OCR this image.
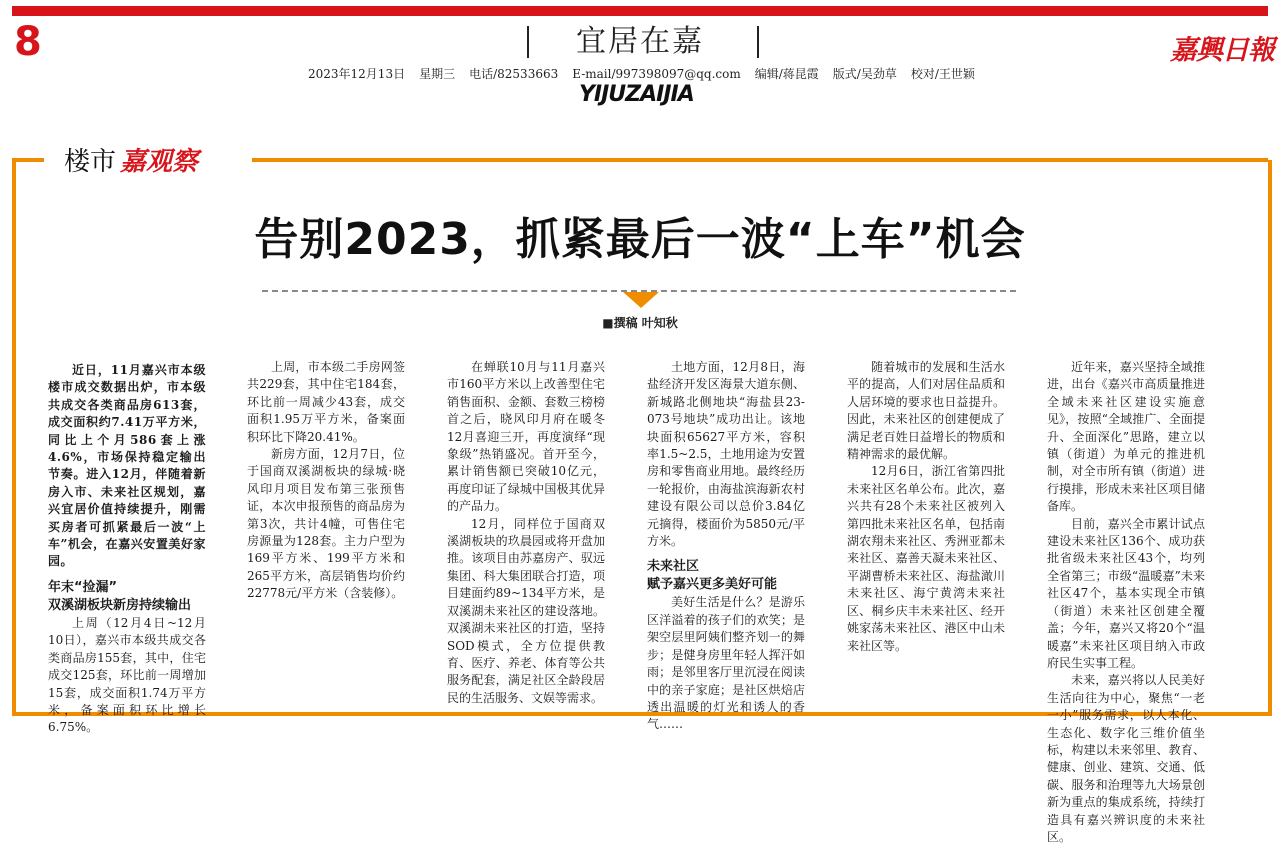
8	宜居在嘉
YIJUZAIJIA
2023年12月13日 星期三 电话/82533663 E-mail/997398097@qq.com 编辑/蒋昆霞 版式/吴劲草 校对/王世颖
嘉興日報
楼市 嘉观察
告别2023，抓紧最后一波“上车”机会
■撰稿 叶知秋

近日，11月嘉兴市本级楼市成交数据出炉，市本级共成交各类商品房613套，成交面积约7.41万平方米，同比上个月586套上涨4.6%，市场保持稳定输出节奏。进入12月，伴随着新房入市、未来社区规划，嘉兴宜居价值持续提升，刚需买房者可抓紧最后一波“上车”机会，在嘉兴安置美好家园。

年末“捡漏”
双溪湖板块新房持续输出

上周（12月4日~12月10日），嘉兴市本级共成交各类商品房155套，其中，住宅成交125套，环比前一周增加15套，成交面积1.74万平方米，备案面积环比增长6.75%。

上周，市本级二手房网签共229套，其中住宅184套，环比前一周减少43套，成交面积1.95万平方米，备案面积环比下降20.41%。

新房方面，12月7日，位于国商双溪湖板块的绿城·晓风印月项目发布第三张预售证，本次申报预售的商品房为第3次，共计4幢，可售住宅房源量为128套。主力户型为169平方米、199平方米和265平方米，高层销售均价约22778元/平方米（含装修）。

在蝉联10月与11月嘉兴市160平方米以上改善型住宅销售面积、金额、套数三榜榜首之后，晓风印月府在暖冬12月喜迎三开，再度演绎“现象级”热销盛况。首开至今，累计销售额已突破10亿元，再度印证了绿城中国极其优异的产品力。

12月，同样位于国商双溪湖板块的玖晨园或将开盘加推。该项目由苏嘉房产、驭远集团、科大集团联合打造，项目建面约89~134平方米，是双溪湖未来社区的建设落地。双溪湖未来社区的打造，坚持SOD模式，全方位提供教育、医疗、养老、体育等公共服务配套，满足社区全龄段居民的生活服务、文娱等需求。

土地方面，12月8日，海盐经济开发区海景大道东侧、新城路北侧地块“海盐县23-073号地块”成功出让。该地块面积65627平方米，容积率1.5~2.5，土地用途为安置房和零售商业用地。最终经历一轮报价，由海盐滨海新农村建设有限公司以总价3.84亿元摘得，楼面价为5850元/平方米。

未来社区
赋予嘉兴更多美好可能

美好生活是什么？是游乐区洋溢着的孩子们的欢笑；是架空层里阿姨们整齐划一的舞步；是健身房里年轻人挥汗如雨；是邻里客厅里沉浸在阅读中的亲子家庭；是社区烘焙店透出温暖的灯光和诱人的香气……

随着城市的发展和生活水平的提高，人们对居住品质和人居环境的要求也日益提升。因此，未来社区的创建便成了满足老百姓日益增长的物质和精神需求的最优解。

12月6日，浙江省第四批未来社区名单公布。此次，嘉兴共有28个未来社区被列入第四批未来社区名单，包括南湖农翔未来社区、秀洲亚都未来社区、嘉善天凝未来社区、平湖曹桥未来社区、海盐澉川未来社区、海宁黄湾未来社区、桐乡庆丰未来社区、经开姚家荡未来社区、港区中山未来社区等。

近年来，嘉兴坚持全域推进，出台《嘉兴市高质量推进全域未来社区建设实施意见》，按照“全域推广、全面提升、全面深化”思路，建立以镇（街道）为单元的推进机制，对全市所有镇（街道）进行摸排，形成未来社区项目储备库。

目前，嘉兴全市累计试点建设未来社区136个、成功获批省级未来社区43个，均列全省第三；市级“温暖嘉”未来社区47个，基本实现全市镇（街道）未来社区创建全覆盖；今年，嘉兴又将20个“温暖嘉”未来社区项目纳入市政府民生实事工程。

未来，嘉兴将以人民美好生活向往为中心，聚焦“一老一小”服务需求，以人本化、生态化、数字化三维价值坐标，构建以未来邻里、教育、健康、创业、建筑、交通、低碳、服务和治理等九大场景创新为重点的集成系统，持续打造具有嘉兴辨识度的未来社区。
